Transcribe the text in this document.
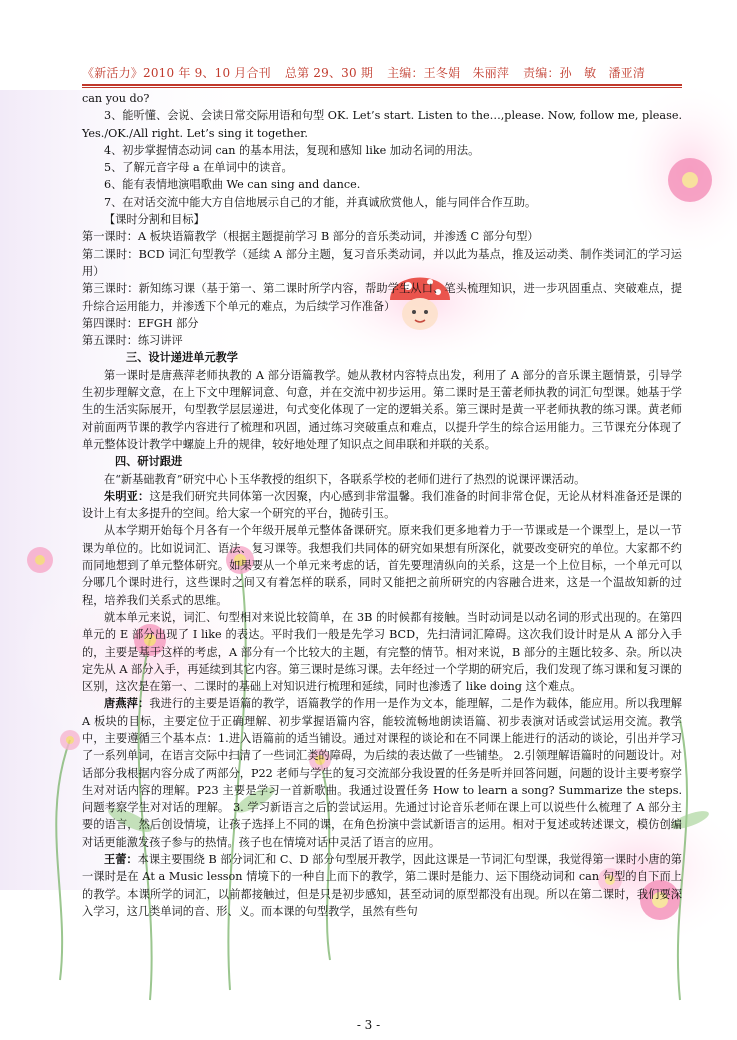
《新活力》2010 年 9、10 月合刊 总第 29、30 期 主编：王冬娟　朱丽萍 责编：孙　敏　潘亚清

can you do?

3、能听懂、会说、会读日常交际用语和句型 OK. Let’s start. Listen to the…,please. Now, follow me, please. Yes./OK./All right. Let’s sing it together.

4、初步掌握情态动词 can 的基本用法，复现和感知 like 加动名词的用法。

5、了解元音字母 a 在单词中的读音。

6、能有表情地演唱歌曲 We can sing and dance.

7、在对话交流中能大方自信地展示自己的才能，并真诚欣赏他人，能与同伴合作互助。

【课时分割和目标】

第一课时：A 板块语篇教学（根据主题提前学习 B 部分的音乐类动词，并渗透 C 部分句型）

第二课时：BCD 词汇句型教学（延续 A 部分主题，复习音乐类动词，并以此为基点，推及运动类、制作类词汇的学习运用）

第三课时：新知练习课（基于第一、第二课时所学内容，帮助学生从口、笔头梳理知识，进一步巩固重点、突破难点，提升综合运用能力，并渗透下个单元的难点，为后续学习作准备）

第四课时：EFGH 部分

第五课时：练习讲评

三、设计递进单元教学

第一课时是唐燕萍老师执教的 A 部分语篇教学。她从教材内容特点出发，利用了 A 部分的音乐课主题情景，引导学生初步理解文意，在上下文中理解词意、句意，并在交流中初步运用。第二课时是王蕾老师执教的词汇句型课。她基于学生的生活实际展开，句型教学层层递进，句式变化体现了一定的逻辑关系。第三课时是黄一平老师执教的练习课。黄老师对前面两节课的教学内容进行了梳理和巩固，通过练习突破重点和难点，以提升学生的综合运用能力。三节课充分体现了单元整体设计教学中螺旋上升的规律，较好地处理了知识点之间串联和并联的关系。

四、研讨跟进

在“新基础教育”研究中心卜玉华教授的组织下，各联系学校的老师们进行了热烈的说课评课活动。

朱明亚：这是我们研究共同体第一次因聚，内心感到非常温馨。我们准备的时间非常仓促，无论从材料准备还是课的设计上有太多提升的空间。给大家一个研究的平台，抛砖引玉。

从本学期开始每个月各有一个年级开展单元整体备课研究。原来我们更多地着力于一节课或是一个课型上，是以一节课为单位的。比如说词汇、语法、复习课等。我想我们共同体的研究如果想有所深化，就要改变研究的单位。大家都不约而同地想到了单元整体研究。如果要从一个单元来考虑的话，首先要理清纵向的关系，这是一个上位目标，一个单元可以分哪几个课时进行，这些课时之间又有着怎样的联系，同时又能把之前所研究的内容融合进来，这是一个温故知新的过程，培养我们关系式的思维。

就本单元来说，词汇、句型相对来说比较简单，在 3B 的时候都有接触。当时动词是以动名词的形式出现的。在第四单元的 E 部分出现了 I like 的表达。平时我们一般是先学习 BCD，先扫清词汇障碍。这次我们设计时是从 A 部分入手的，主要是基于这样的考虑，A 部分有一个比较大的主题，有完整的情节。相对来说，B 部分的主题比较多、杂。所以决定先从 A 部分入手，再延续到其它内容。第三课时是练习课。去年经过一个学期的研究后，我们发现了练习课和复习课的区别，这次是在第一、二课时的基础上对知识进行梳理和延续，同时也渗透了 like doing 这个难点。

唐燕萍：我进行的主要是语篇的教学，语篇教学的作用一是作为文本，能理解，二是作为载体，能应用。所以我理解 A 板块的目标，主要定位于正确理解、初步掌握语篇内容，能较流畅地朗读语篇、初步表演对话或尝试运用交流。教学中，主要遵循三个基本点：1.进入语篇前的适当铺设。通过对课程的谈论和在不同课上能进行的活动的谈论，引出并学习了一系列单词，在语言交际中扫清了一些词汇类的障碍，为后续的表达做了一些铺垫。 2.引领理解语篇时的问题设计。对话部分我根据内容分成了两部分，P22 老师与学生的复习交流部分我设置的任务是听并回答问题，问题的设计主要考察学生对对话内容的理解。P23 主要是学习一首新歌曲。我通过设置任务 How to learn a song? Summarize the steps.问题考察学生对对话的理解。 3. 学习新语言之后的尝试运用。先通过讨论音乐老师在课上可以说些什么梳理了 A 部分主要的语言，然后创设情境，让孩子选择上不同的课，在角色扮演中尝试新语言的运用。相对于复述或转述课文，模仿创编对话更能激发孩子参与的热情。孩子也在情境对话中灵活了语言的应用。

王蕾：本课主要围绕 B 部分词汇和 C、D 部分句型展开教学，因此这课是一节词汇句型课，我觉得第一课时小唐的第一课时是在 At a Music lesson 情境下的一种自上而下的教学，第二课时是能力、运下围绕动词和 can 句型的自下而上的教学。本课所学的词汇，以前都接触过，但是只是初步感知，甚至动词的原型都没有出现。所以在第二课时，我们要深入学习，这几类单词的音、形、义。而本课的句型教学，虽然有些句

- 3 -
